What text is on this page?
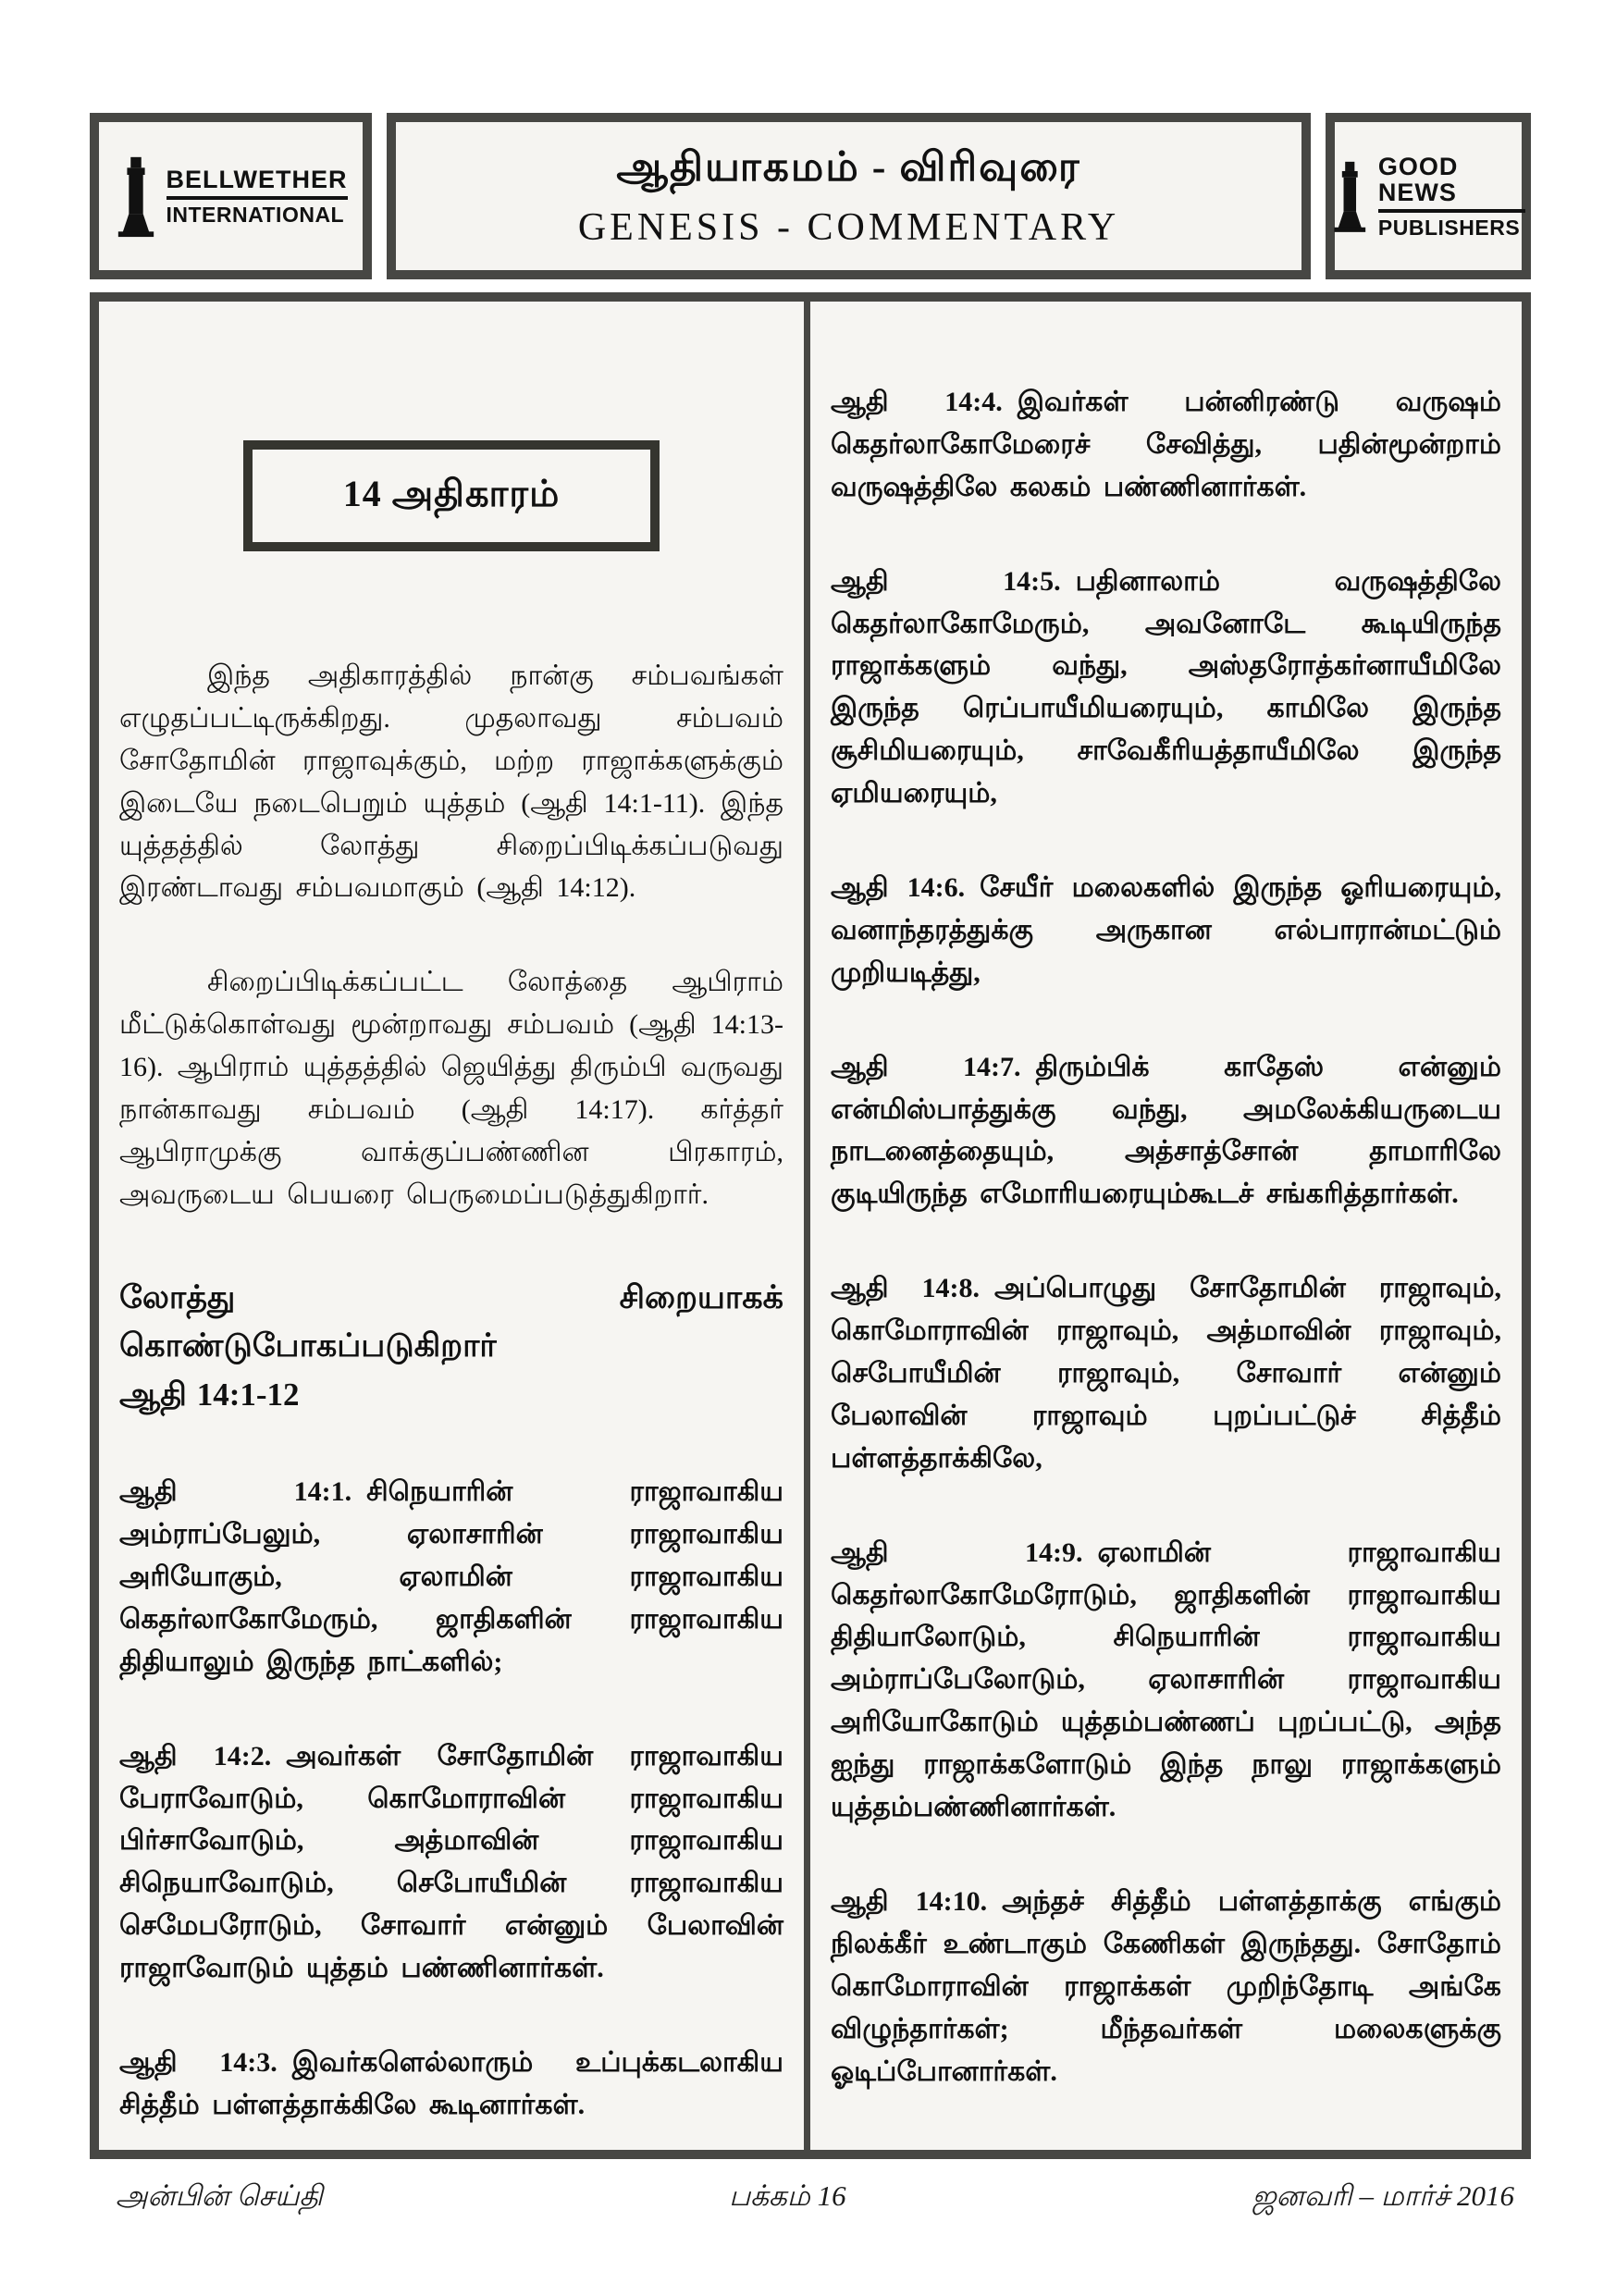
BELLWETHER
INTERNATIONAL
ஆதியாகமம் - விரிவுரை
GENESIS - COMMENTARY
GOOD NEWS
PUBLISHERS
14 அதிகாரம்

இந்த அதிகாரத்தில் நான்கு சம்பவங்கள் எழுதப்பட்டிருக்கிறது. முதலாவது சம்பவம் சோதோமின் ராஜாவுக்கும், மற்ற ராஜாக்களுக்கும் இடையே நடைபெறும் யுத்தம் (ஆதி 14:1-11). இந்த யுத்தத்தில் லோத்து சிறைப்பிடிக்கப்படுவது இரண்டாவது சம்பவமாகும் (ஆதி 14:12).

சிறைப்பிடிக்கப்பட்ட லோத்தை ஆபிராம் மீட்டுக்கொள்வது மூன்றாவது சம்பவம் (ஆதி 14:13-16). ஆபிராம் யுத்தத்தில் ஜெயித்து திரும்பி வருவது நான்காவது சம்பவம் (ஆதி 14:17). கர்த்தர் ஆபிராமுக்கு வாக்குப்பண்ணின பிரகாரம், அவருடைய பெயரை பெருமைப்படுத்துகிறார்.

லோத்து சிறையாகக் கொண்டுபோகப்படுகிறார்
ஆதி 14:1-12

ஆதி 14:1. சிநெயாரின் ராஜாவாகிய அம்ராப்பேலும், ஏலாசாரின் ராஜாவாகிய அரியோகும், ஏலாமின் ராஜாவாகிய கெதர்லாகோமேரும், ஜாதிகளின் ராஜாவாகிய திதியாலும் இருந்த நாட்களில்;

ஆதி 14:2. அவர்கள் சோதோமின் ராஜாவாகிய பேராவோடும், கொமோராவின் ராஜாவாகிய பிர்சாவோடும், அத்மாவின் ராஜாவாகிய சிநெயாவோடும், செபோயீமின் ராஜாவாகிய செமேபரோடும், சோவார் என்னும் பேலாவின் ராஜாவோடும் யுத்தம் பண்ணினார்கள்.

ஆதி 14:3. இவர்களெல்லாரும் உப்புக்கடலாகிய சித்தீம் பள்ளத்தாக்கிலே கூடினார்கள்.

ஆதி 14:4. இவர்கள் பன்னிரண்டு வருஷம் கெதர்லாகோமேரைச் சேவித்து, பதின்மூன்றாம் வருஷத்திலே கலகம் பண்ணினார்கள்.

ஆதி 14:5. பதினாலாம் வருஷத்திலே கெதர்லாகோமேரும், அவனோடே கூடியிருந்த ராஜாக்களும் வந்து, அஸ்தரோத்கர்னாயீமிலே இருந்த ரெப்பாயீமியரையும், காமிலே இருந்த சூசிமியரையும், சாவேகீரியத்தாயீமிலே இருந்த ஏமியரையும்,

ஆதி 14:6. சேயீர் மலைகளில் இருந்த ஓரியரையும், வனாந்தரத்துக்கு அருகான எல்பாரான்மட்டும் முறியடித்து,

ஆதி 14:7. திரும்பிக் காதேஸ் என்னும் என்மிஸ்பாத்துக்கு வந்து, அமலேக்கியருடைய நாடனைத்தையும், அத்சாத்சோன் தாமாரிலே குடியிருந்த எமோரியரையும்கூடச் சங்கரித்தார்கள்.

ஆதி 14:8. அப்பொழுது சோதோமின் ராஜாவும், கொமோராவின் ராஜாவும், அத்மாவின் ராஜாவும், செபோயீமின் ராஜாவும், சோவார் என்னும் பேலாவின் ராஜாவும் புறப்பட்டுச் சித்தீம் பள்ளத்தாக்கிலே,

ஆதி 14:9. ஏலாமின் ராஜாவாகிய கெதர்லாகோமேரோடும், ஜாதிகளின் ராஜாவாகிய திதியாலோடும், சிநெயாரின் ராஜாவாகிய அம்ராப்பேலோடும், ஏலாசாரின் ராஜாவாகிய அரியோகோடும் யுத்தம்பண்ணப் புறப்பட்டு, அந்த ஐந்து ராஜாக்களோடும் இந்த நாலு ராஜாக்களும் யுத்தம்பண்ணினார்கள்.

ஆதி 14:10. அந்தச் சித்தீம் பள்ளத்தாக்கு எங்கும் நிலக்கீர் உண்டாகும் கேணிகள் இருந்தது. சோதோம் கொமோராவின் ராஜாக்கள் முறிந்தோடி அங்கே விழுந்தார்கள்; மீந்தவர்கள் மலைகளுக்கு ஓடிப்போனார்கள்.

அன்பின் செய்தி	பக்கம் 16	ஜனவரி – மார்ச் 2016
